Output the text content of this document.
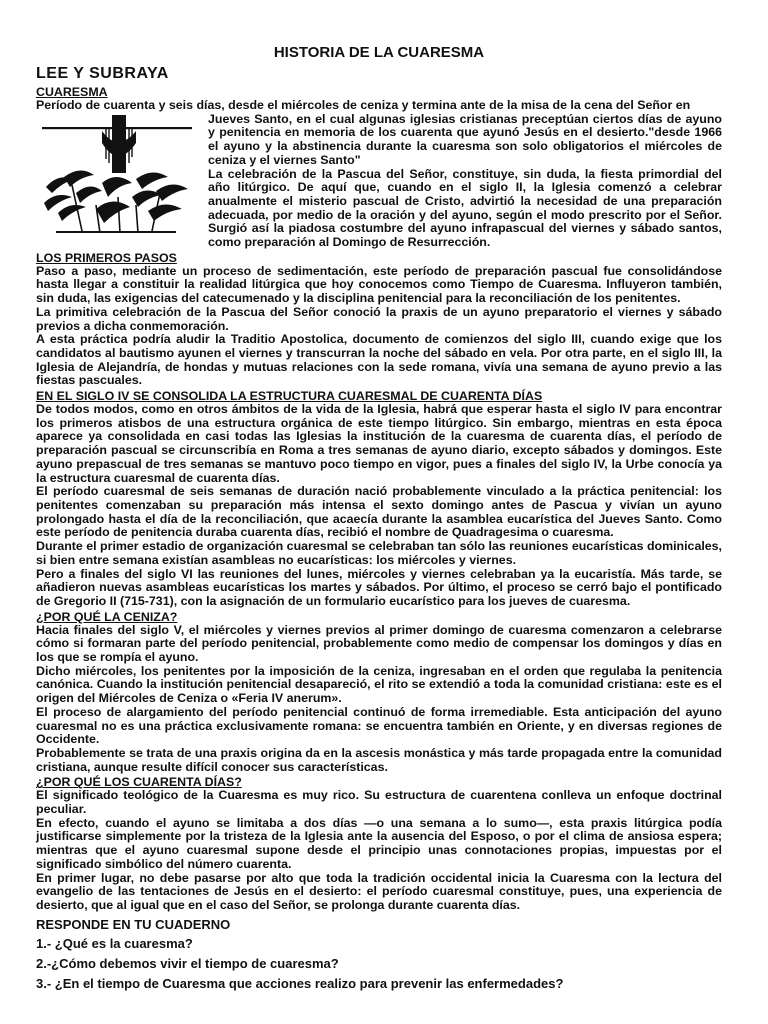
HISTORIA DE LA CUARESMA
LEE Y SUBRAYA
CUARESMA

Período de cuarenta y seis días, desde el miércoles de ceniza y termina ante de la misa de la cena del Señor en

Jueves Santo, en el cual algunas iglesias cristianas preceptúan ciertos días de ayuno y penitencia en memoria de los cuarenta que ayunó Jesús en el desierto."desde 1966 el ayuno y la abstinencia durante la cuaresma son solo obligatorios el miércoles de ceniza y el viernes Santo"

La celebración de la Pascua del Señor, constituye, sin duda, la fiesta primordial del año litúrgico. De aquí que, cuando en el siglo II, la Iglesia comenzó a celebrar anualmente el misterio pascual de Cristo, advirtió la necesidad de una preparación adecuada, por medio de la oración y del ayuno, según el modo prescrito por el Señor. Surgió así la piadosa costumbre del ayuno infrapascual del viernes y sábado santos, como preparación al Domingo de Resurrección.

LOS PRIMEROS PASOS

Paso a paso, mediante un proceso de sedimentación, este período de preparación pascual fue consolidándose hasta llegar a constituir la realidad litúrgica que hoy conocemos como Tiempo de Cuaresma. Influyeron también, sin duda, las exigencias del catecumenado y la disciplina penitencial para la reconciliación de los penitentes.

La primitiva celebración de la Pascua del Señor conoció la praxis de un ayuno preparatorio el viernes y sábado previos a dicha conmemoración.

A esta práctica podría aludir la Traditio Apostolica, documento de comienzos del siglo III, cuando exige que los candidatos al bautismo ayunen el viernes y transcurran la noche del sábado en vela. Por otra parte, en el siglo III, la Iglesia de Alejandría, de hondas y mutuas relaciones con la sede romana, vivía una semana de ayuno previo a las fiestas pascuales.

EN EL SIGLO IV SE CONSOLIDA LA ESTRUCTURA CUARESMAL DE CUARENTA DÍAS

De todos modos, como en otros ámbitos de la vida de la Iglesia, habrá que esperar hasta el siglo IV para encontrar los primeros atisbos de una estructura orgánica de este tiempo litúrgico. Sin embargo, mientras en esta época aparece ya consolidada en casi todas las Iglesias la institución de la cuaresma de cuarenta días, el período de preparación pascual se circunscribía en Roma a tres semanas de ayuno diario, excepto sábados y domingos. Este ayuno prepascual de tres semanas se mantuvo poco tiempo en vigor, pues a finales del siglo IV, la Urbe conocía ya la estructura cuaresmal de cuarenta días.

El período cuaresmal de seis semanas de duración nació probablemente vinculado a la práctica penitencial: los penitentes comenzaban su preparación más intensa el sexto domingo antes de Pascua y vivían un ayuno prolongado hasta el día de la reconciliación, que acaecía durante la asamblea eucarística del Jueves Santo. Como este período de penitencia duraba cuarenta días, recibió el nombre de Quadragesima o cuaresma.

Durante el primer estadio de organización cuaresmal se celebraban tan sólo las reuniones eucarísticas dominicales, si bien entre semana existían asambleas no eucarísticas: los miércoles y viernes.

Pero a finales del siglo VI las reuniones del lunes, miércoles y viernes celebraban ya la eucaristía. Más tarde, se añadieron nuevas asambleas eucarísticas los martes y sábados. Por último, el proceso se cerró bajo el pontificado de Gregorio II (715-731), con la asignación de un formulario eucarístico para los jueves de cuaresma.

¿POR QUÉ LA CENIZA?

Hacia finales del siglo V, el miércoles y viernes previos al primer domingo de cuaresma comenzaron a celebrarse cómo si formaran parte del período penitencial, probablemente como medio de compensar los domingos y días en los que se rompía el ayuno.

Dicho miércoles, los penitentes por la imposición de la ceniza, ingresaban en el orden que regulaba la penitencia canónica. Cuando la institución penitencial desapareció, el rito se extendió a toda la comunidad cristiana: este es el origen del Miércoles de Ceniza o «Feria IV anerum».

El proceso de alargamiento del período penitencial continuó de forma irremediable. Esta anticipación del ayuno cuaresmal no es una práctica exclusivamente romana: se encuentra también en Oriente, y en diversas regiones de Occidente.

Probablemente se trata de una praxis origina da en la ascesis monástica y más tarde propagada entre la comunidad cristiana, aunque resulte difícil conocer sus características.

¿POR QUÉ LOS CUARENTA DÍAS?

El significado teológico de la Cuaresma es muy rico. Su estructura de cuarentena conlleva un enfoque doctrinal peculiar.

En efecto, cuando el ayuno se limitaba a dos días —o una semana a lo sumo—, esta praxis litúrgica podía justificarse simplemente por la tristeza de la Iglesia ante la ausencia del Esposo, o por el clima de ansiosa espera; mientras que el ayuno cuaresmal supone desde el principio unas connotaciones propias, impuestas por el significado simbólico del número cuarenta.

En primer lugar, no debe pasarse por alto que toda la tradición occidental inicia la Cuaresma con la lectura del evangelio de las tentaciones de Jesús en el desierto: el período cuaresmal constituye, pues, una experiencia de desierto, que al igual que en el caso del Señor, se prolonga durante cuarenta días.

RESPONDE EN TU CUADERNO
1.- ¿Qué es la cuaresma?
2.-¿Cómo debemos vivir el tiempo de cuaresma?
3.- ¿En el tiempo de Cuaresma que acciones realizo para prevenir las enfermedades?
